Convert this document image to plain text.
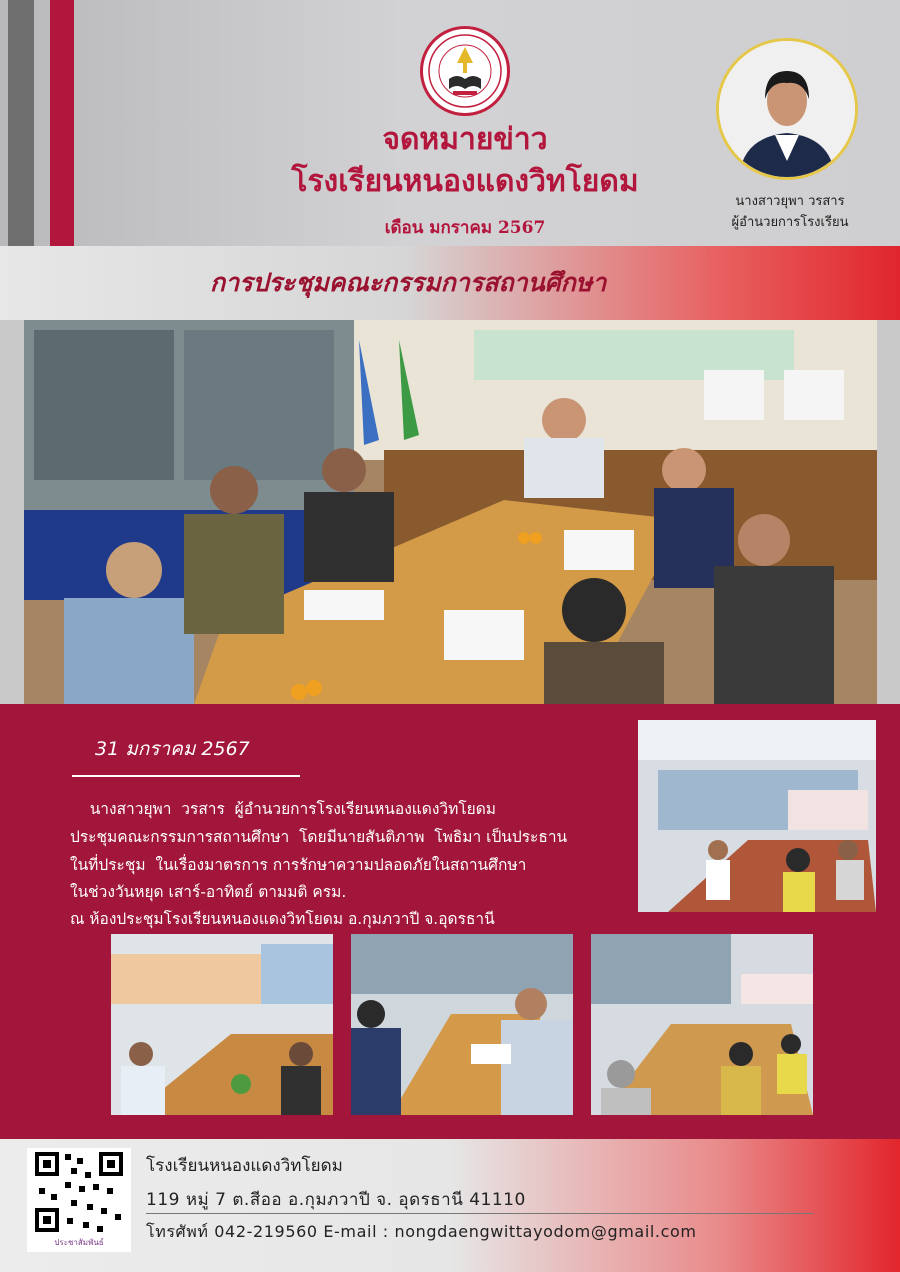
จดหมายข่าว
โรงเรียนหนองแดงวิทโยดม
เดือน มกราคม 2567
นางสาวยุพา วรสาร
ผู้อำนวยการโรงเรียน
การประชุมคณะกรรมการสถานศึกษา
31 มกราคม 2567
นางสาวยุพา  วรสาร  ผู้อำนวยการโรงเรียนหนองแดงวิทโยดม
ประชุมคณะกรรมการสถานศึกษา  โดยมีนายสันติภาพ  โพธิมา เป็นประธาน
ในที่ประชุม  ในเรื่องมาตรการ การรักษาความปลอดภัยในสถานศึกษา
ในช่วงวันหยุด เสาร์-อาทิตย์ ตามมติ ครม.
ณ ห้องประชุมโรงเรียนหนองแดงวิทโยดม อ.กุมภวาปี จ.อุดรธานี
ประชาสัมพันธ์
โรงเรียนหนองแดงวิทโยดม
119 หมู่ 7 ต.สีออ อ.กุมภวาปี จ. อุดรธานี 41110
โทรศัพท์ 042-219560 E-mail : nongdaengwittayodom@gmail.com
